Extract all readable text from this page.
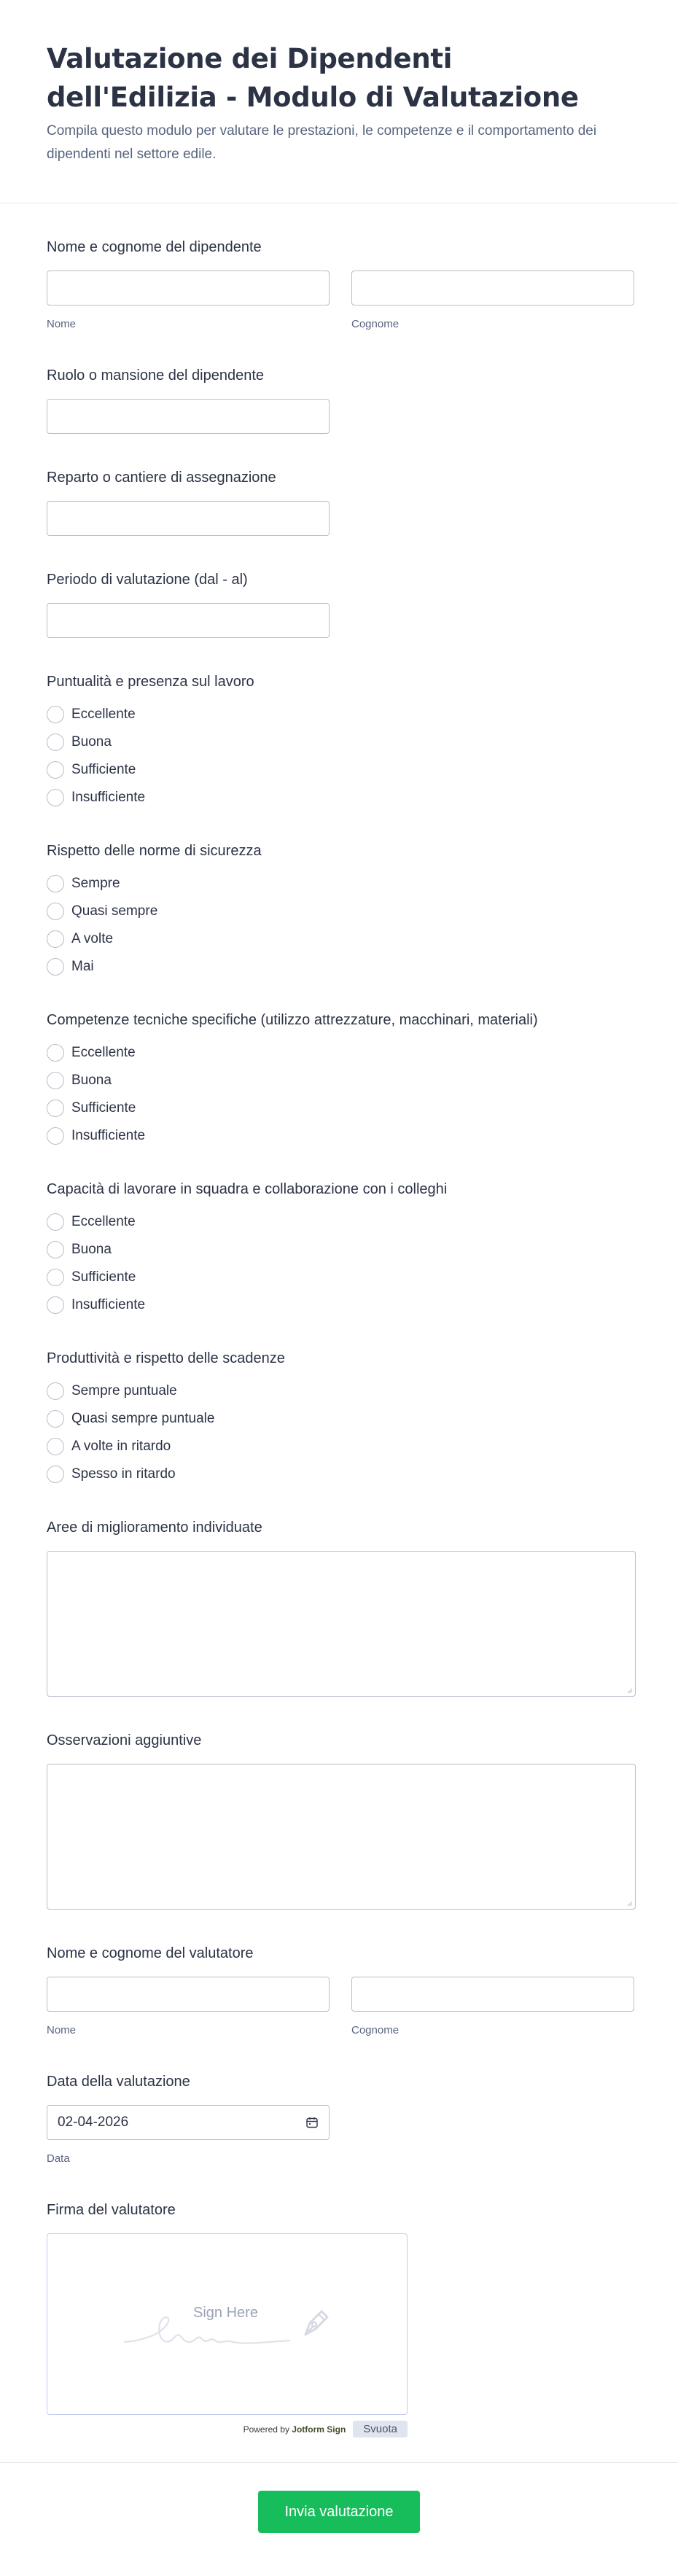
Valutazione dei Dipendenti dell'Edilizia - Modulo di Valutazione

Compila questo modulo per valutare le prestazioni, le competenze e il comportamento dei dipendenti nel settore edile.

Nome e cognome del dipendente
Nome	Cognome
Ruolo o mansione del dipendente
Reparto o cantiere di assegnazione
Periodo di valutazione (dal - al)
Puntualità e presenza sul lavoro
Eccellente
Buona
Sufficiente
Insufficiente
Rispetto delle norme di sicurezza
Sempre
Quasi sempre
A volte
Mai
Competenze tecniche specifiche (utilizzo attrezzature, macchinari, materiali)
Eccellente
Buona
Sufficiente
Insufficiente
Capacità di lavorare in squadra e collaborazione con i colleghi
Eccellente
Buona
Sufficiente
Insufficiente
Produttività e rispetto delle scadenze
Sempre puntuale
Quasi sempre puntuale
A volte in ritardo
Spesso in ritardo
Aree di miglioramento individuate
Osservazioni aggiuntive
Nome e cognome del valutatore
Nome	Cognome
Data della valutazione
02-04-2026
Data
Firma del valutatore
Sign Here
Powered by Jotform Sign	Svuota
Invia valutazione
